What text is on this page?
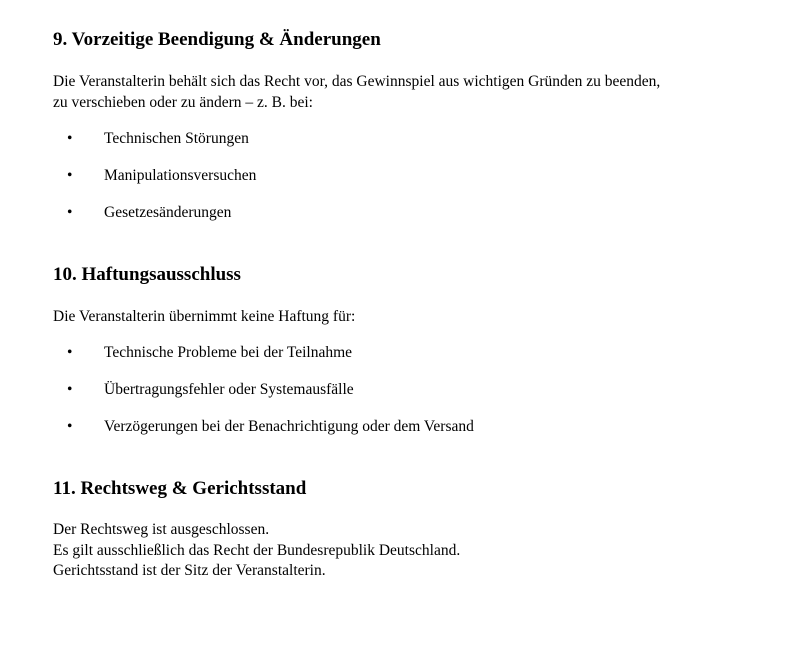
9. Vorzeitige Beendigung & Änderungen

Die Veranstalterin behält sich das Recht vor, das Gewinnspiel aus wichtigen Gründen zu beenden,
zu verschieben oder zu ändern – z. B. bei:

• Technischen Störungen
• Manipulationsversuchen
• Gesetzesänderungen
10. Haftungsausschluss

Die Veranstalterin übernimmt keine Haftung für:

• Technische Probleme bei der Teilnahme
• Übertragungsfehler oder Systemausfälle
• Verzögerungen bei der Benachrichtigung oder dem Versand
11. Rechtsweg & Gerichtsstand

Der Rechtsweg ist ausgeschlossen.
Es gilt ausschließlich das Recht der Bundesrepublik Deutschland.
Gerichtsstand ist der Sitz der Veranstalterin.
